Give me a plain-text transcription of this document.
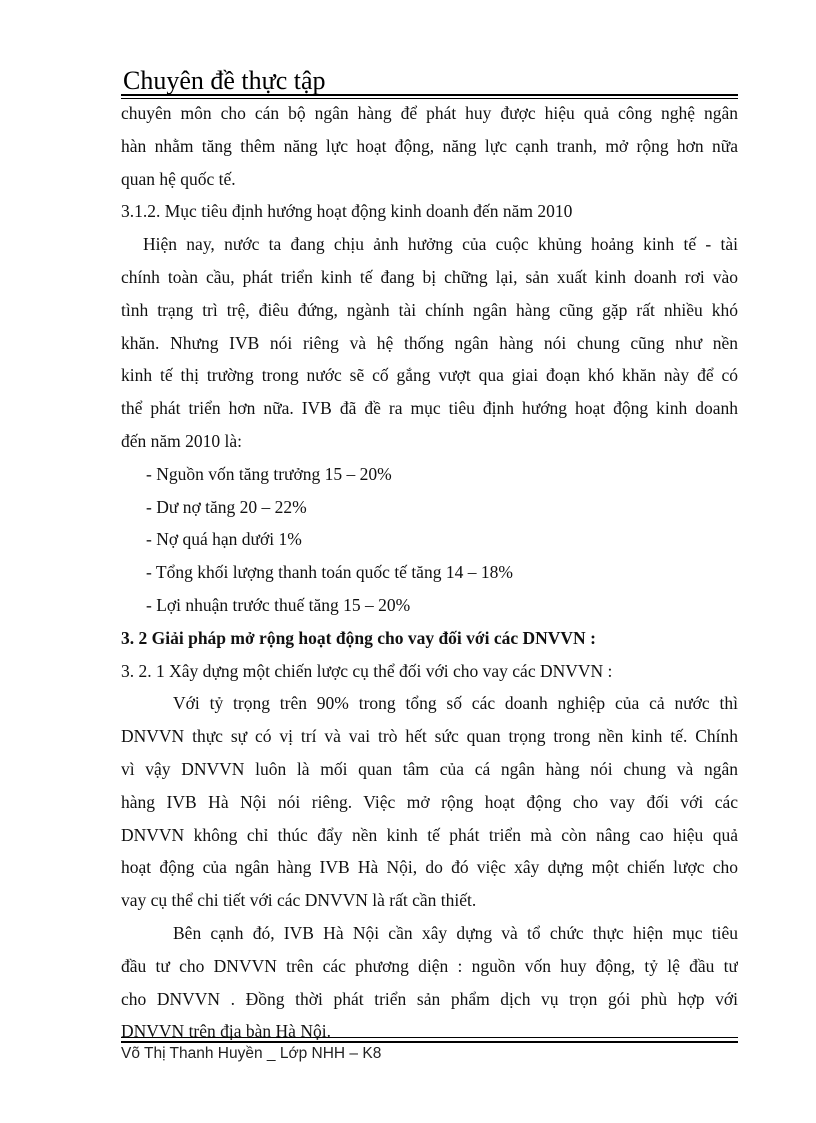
Chuyên đề thực tập
chuyên môn cho cán bộ ngân hàng để phát huy được hiệu quả công nghệ ngân
hàn nhằm tăng thêm năng lực hoạt động, năng lực cạnh tranh, mở rộng hơn nữa
quan hệ quốc tế.
3.1.2. Mục tiêu định hướng hoạt động kinh doanh đến năm 2010
Hiện nay, nước ta đang chịu ảnh hưởng của cuộc khủng hoảng kinh tế - tài
chính toàn cầu, phát triển kinh tế đang bị chững lại, sản xuất kinh doanh rơi vào
tình trạng trì trệ, điêu đứng, ngành tài chính ngân hàng cũng gặp rất nhiều khó
khăn. Nhưng IVB nói riêng và hệ thống ngân hàng nói chung cũng như nền
kinh tế thị trường trong nước sẽ cố gắng vượt qua giai đoạn khó khăn này để có
thể phát triển hơn nữa. IVB đã đề ra mục tiêu định hướng hoạt động kinh doanh
đến năm 2010 là:
- Nguồn vốn tăng trưởng 15 – 20%
- Dư nợ tăng 20 – 22%
- Nợ quá hạn dưới 1%
- Tổng khối lượng thanh toán quốc tế tăng 14 – 18%
- Lợi nhuận trước thuế tăng 15 – 20%
3. 2 Giải pháp mở rộng hoạt động cho vay đối với các DNVVN :
3. 2. 1 Xây dựng một chiến lược cụ thể đối với cho vay các DNVVN :
Với tỷ trọng trên 90% trong tổng số các doanh nghiệp của cả nước thì
DNVVN thực sự có vị trí và vai trò hết sức quan trọng trong nền kinh tế. Chính
vì vậy DNVVN luôn là mối quan tâm của cá ngân hàng nói chung và ngân
hàng IVB Hà Nội nói riêng. Việc mở rộng hoạt động cho vay đối với các
DNVVN không chỉ thúc đẩy nền kinh tế phát triển mà còn nâng cao hiệu quả
hoạt động của ngân hàng IVB Hà Nội, do đó việc xây dựng một chiến lược cho
vay cụ thể chi tiết với các DNVVN là rất cần thiết.
Bên cạnh đó, IVB Hà Nội cần xây dựng và tổ chức thực hiện mục tiêu
đầu tư cho DNVVN trên các phương diện : nguồn vốn huy động, tỷ lệ đầu tư
cho DNVVN . Đồng thời phát triển sản phẩm dịch vụ trọn gói phù hợp với
DNVVN trên địa bàn Hà Nội.
Võ Thị Thanh Huyền _ Lớp NHH – K8
